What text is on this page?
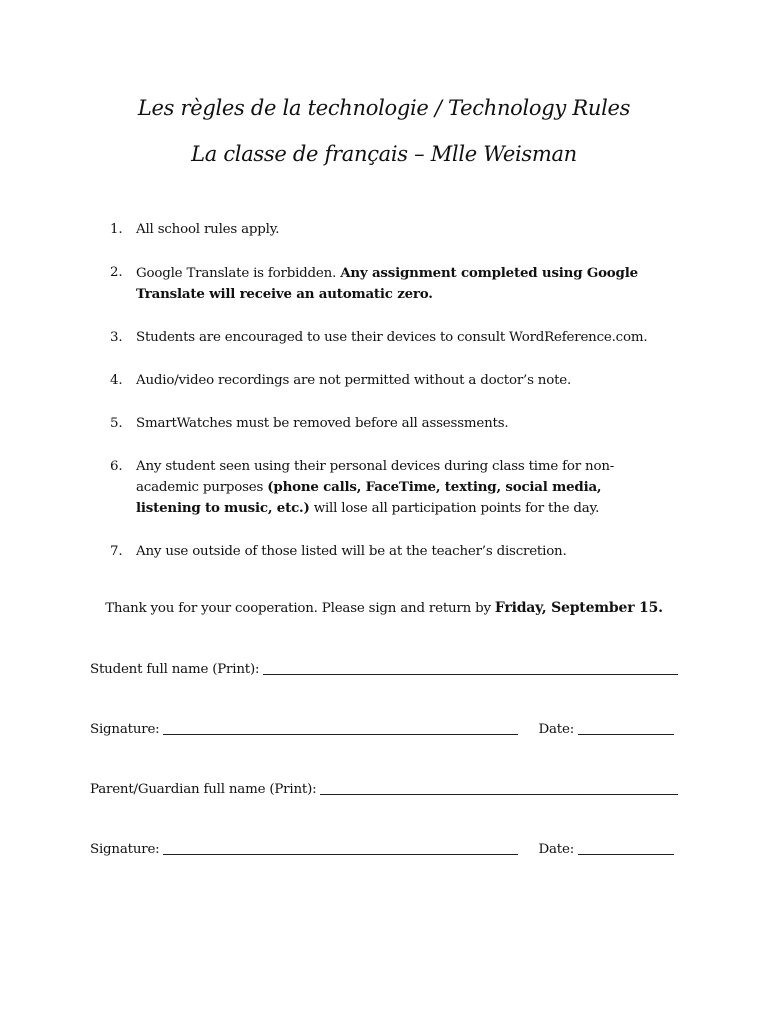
Les règles de la technologie / Technology Rules
La classe de français – Mlle Weisman
1. All school rules apply.
2. Google Translate is forbidden. Any assignment completed using Google Translate will receive an automatic zero.
3. Students are encouraged to use their devices to consult WordReference.com.
4. Audio/video recordings are not permitted without a doctor’s note.
5. SmartWatches must be removed before all assessments.
6. Any student seen using their personal devices during class time for non-academic purposes (phone calls, FaceTime, texting, social media, listening to music, etc.) will lose all participation points for the day.
7. Any use outside of those listed will be at the teacher’s discretion.
Thank you for your cooperation. Please sign and return by Friday, September 15.
Student full name (Print):
Signature:	Date:
Parent/Guardian full name (Print):
Signature:	Date:
